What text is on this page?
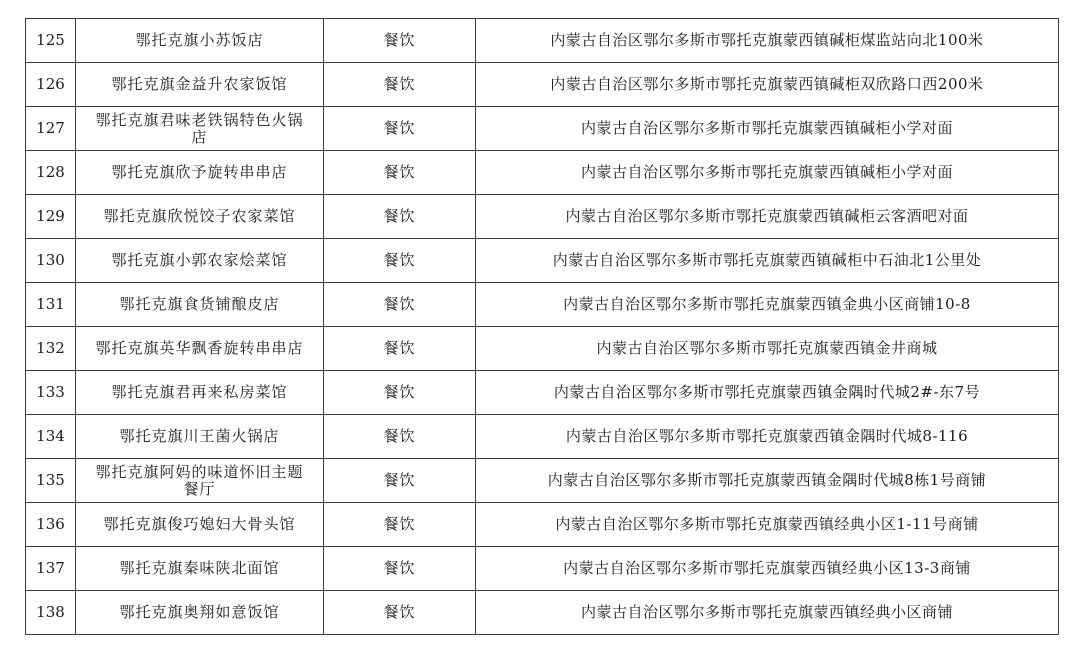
125	鄂托克旗小苏饭店	餐饮	内蒙古自治区鄂尔多斯市鄂托克旗蒙西镇碱柜煤监站向北100米
126	鄂托克旗金益升农家饭馆	餐饮	内蒙古自治区鄂尔多斯市鄂托克旗蒙西镇碱柜双欣路口西200米
127	鄂托克旗君味老铁锅特色火锅店	餐饮	内蒙古自治区鄂尔多斯市鄂托克旗蒙西镇碱柜小学对面
128	鄂托克旗欣予旋转串串店	餐饮	内蒙古自治区鄂尔多斯市鄂托克旗蒙西镇碱柜小学对面
129	鄂托克旗欣悦饺子农家菜馆	餐饮	内蒙古自治区鄂尔多斯市鄂托克旗蒙西镇碱柜云客酒吧对面
130	鄂托克旗小郭农家烩菜馆	餐饮	内蒙古自治区鄂尔多斯市鄂托克旗蒙西镇碱柜中石油北1公里处
131	鄂托克旗食货铺酿皮店	餐饮	内蒙古自治区鄂尔多斯市鄂托克旗蒙西镇金典小区商铺10-8
132	鄂托克旗英华飘香旋转串串店	餐饮	内蒙古自治区鄂尔多斯市鄂托克旗蒙西镇金井商城
133	鄂托克旗君再来私房菜馆	餐饮	内蒙古自治区鄂尔多斯市鄂托克旗蒙西镇金隅时代城2#-东7号
134	鄂托克旗川王菌火锅店	餐饮	内蒙古自治区鄂尔多斯市鄂托克旗蒙西镇金隅时代城8-116
135	鄂托克旗阿妈的味道怀旧主题餐厅	餐饮	内蒙古自治区鄂尔多斯市鄂托克旗蒙西镇金隅时代城8栋1号商铺
136	鄂托克旗俊巧媳妇大骨头馆	餐饮	内蒙古自治区鄂尔多斯市鄂托克旗蒙西镇经典小区1-11号商铺
137	鄂托克旗秦味陕北面馆	餐饮	内蒙古自治区鄂尔多斯市鄂托克旗蒙西镇经典小区13-3商铺
138	鄂托克旗奥翔如意饭馆	餐饮	内蒙古自治区鄂尔多斯市鄂托克旗蒙西镇经典小区商铺
